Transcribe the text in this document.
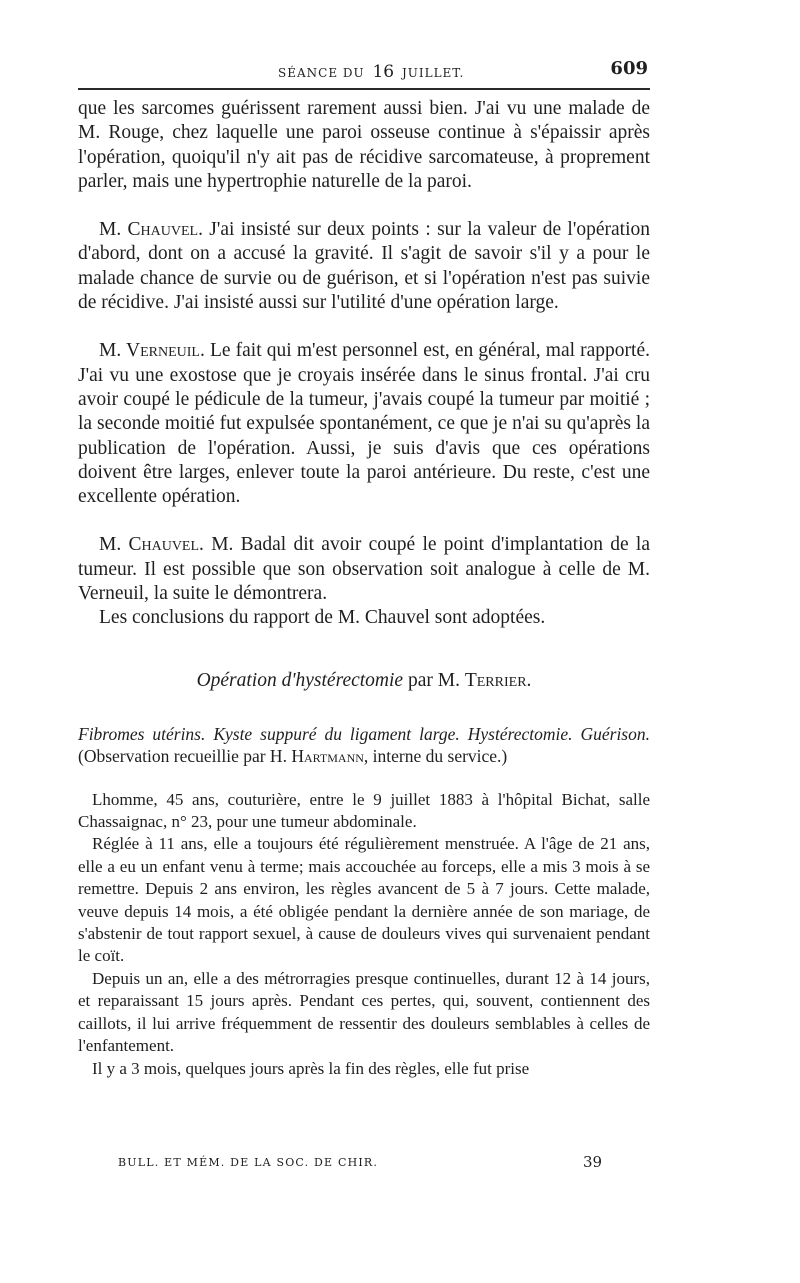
SÉANCE DU 16 JUILLET.	609

que les sarcomes guérissent rarement aussi bien. J'ai vu une malade de M. Rouge, chez laquelle une paroi osseuse continue à s'épaissir après l'opération, quoiqu'il n'y ait pas de récidive sarcomateuse, à proprement parler, mais une hypertrophie naturelle de la paroi.

M. Chauvel. J'ai insisté sur deux points : sur la valeur de l'opération d'abord, dont on a accusé la gravité. Il s'agit de savoir s'il y a pour le malade chance de survie ou de guérison, et si l'opération n'est pas suivie de récidive. J'ai insisté aussi sur l'utilité d'une opération large.

M. Verneuil. Le fait qui m'est personnel est, en général, mal rapporté. J'ai vu une exostose que je croyais insérée dans le sinus frontal. J'ai cru avoir coupé le pédicule de la tumeur, j'avais coupé la tumeur par moitié ; la seconde moitié fut expulsée spontanément, ce que je n'ai su qu'après la publication de l'opération. Aussi, je suis d'avis que ces opérations doivent être larges, enlever toute la paroi antérieure. Du reste, c'est une excellente opération.

M. Chauvel. M. Badal dit avoir coupé le point d'implantation de la tumeur. Il est possible que son observation soit analogue à celle de M. Verneuil, la suite le démontrera.

Les conclusions du rapport de M. Chauvel sont adoptées.

Opération d'hystérectomie par M. Terrier.
Fibromes utérins. Kyste suppuré du ligament large. Hystérectomie. Guérison. (Observation recueillie par H. Hartmann, interne du service.)

Lhomme, 45 ans, couturière, entre le 9 juillet 1883 à l'hôpital Bichat, salle Chassaignac, n° 23, pour une tumeur abdominale.

Réglée à 11 ans, elle a toujours été régulièrement menstruée. A l'âge de 21 ans, elle a eu un enfant venu à terme; mais accouchée au forceps, elle a mis 3 mois à se remettre. Depuis 2 ans environ, les règles avancent de 5 à 7 jours. Cette malade, veuve depuis 14 mois, a été obligée pendant la dernière année de son mariage, de s'abstenir de tout rapport sexuel, à cause de douleurs vives qui survenaient pendant le coït.

Depuis un an, elle a des métrorragies presque continuelles, durant 12 à 14 jours, et reparaissant 15 jours après. Pendant ces pertes, qui, souvent, contiennent des caillots, il lui arrive fréquemment de ressentir des douleurs semblables à celles de l'enfantement.

Il y a 3 mois, quelques jours après la fin des règles, elle fut prise

BULL. ET MÉM. DE LA SOC. DE CHIR.	39
